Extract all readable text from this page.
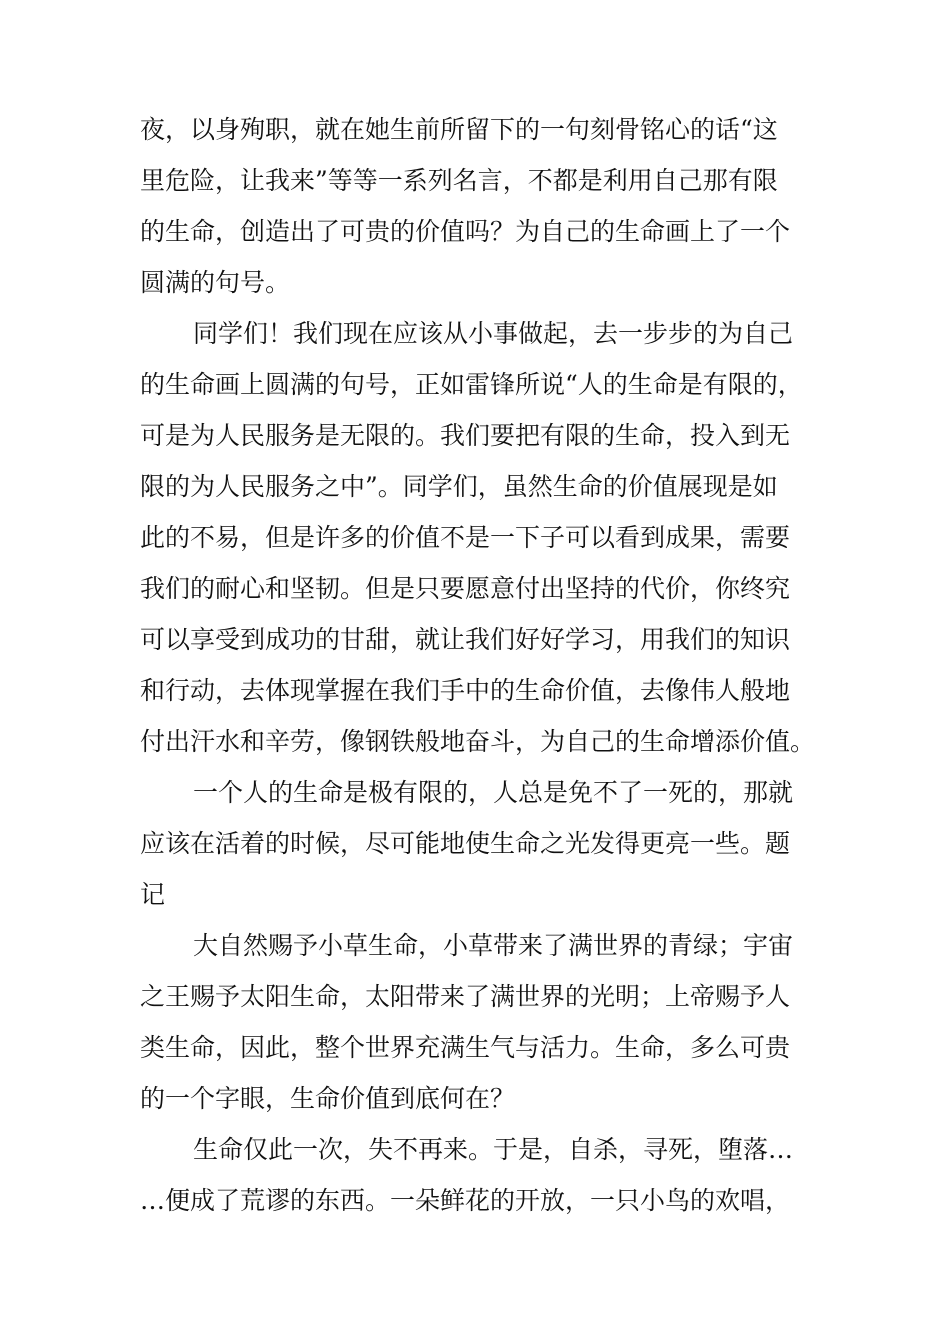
夜，以身殉职，就在她生前所留下的一句刻骨铭心的话“这
里危险，让我来”等等一系列名言，不都是利用自己那有限
的生命，创造出了可贵的价值吗？为自己的生命画上了一个
圆满的句号。

同学们！我们现在应该从小事做起，去一步步的为自己
的生命画上圆满的句号，正如雷锋所说“人的生命是有限的，
可是为人民服务是无限的。我们要把有限的生命，投入到无
限的为人民服务之中”。同学们，虽然生命的价值展现是如
此的不易，但是许多的价值不是一下子可以看到成果，需要
我们的耐心和坚韧。但是只要愿意付出坚持的代价，你终究
可以享受到成功的甘甜，就让我们好好学习，用我们的知识
和行动，去体现掌握在我们手中的生命价值，去像伟人般地
付出汗水和辛劳，像钢铁般地奋斗，为自己的生命增添价值。

一个人的生命是极有限的，人总是免不了一死的，那就
应该在活着的时候，尽可能地使生命之光发得更亮一些。题
记

大自然赐予小草生命，小草带来了满世界的青绿；宇宙
之王赐予太阳生命，太阳带来了满世界的光明；上帝赐予人
类生命，因此，整个世界充满生气与活力。生命，多么可贵
的一个字眼，生命价值到底何在？

生命仅此一次，失不再来。于是，自杀，寻死，堕落…
…便成了荒谬的东西。一朵鲜花的开放，一只小鸟的欢唱，
